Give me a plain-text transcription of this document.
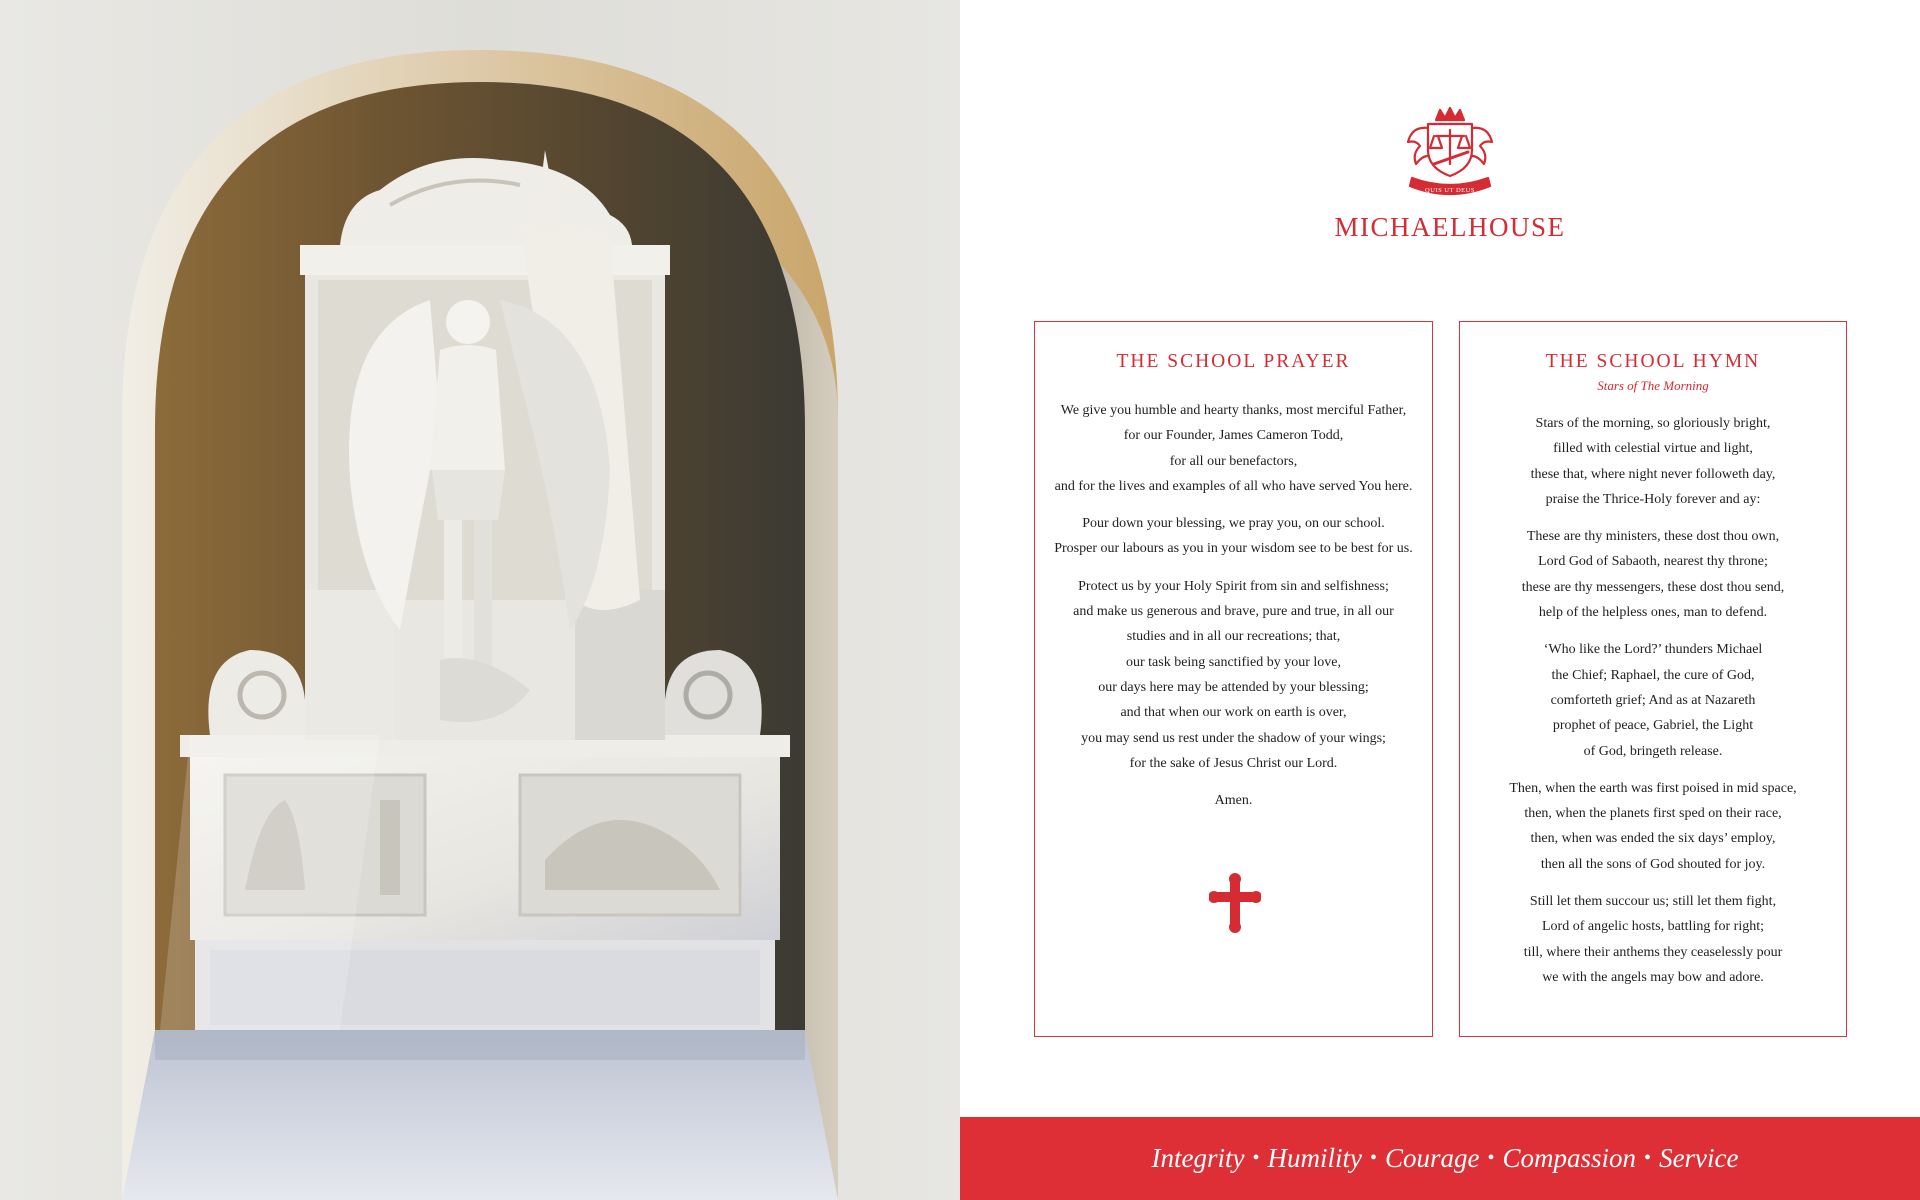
QUIS UT DEUS
MICHAELHOUSE
THE SCHOOL PRAYER
We give you humble and hearty thanks, most merciful Father,
for our Founder, James Cameron Todd,
for all our benefactors,
and for the lives and examples of all who have served You here.
Pour down your blessing, we pray you, on our school.
Prosper our labours as you in your wisdom see to be best for us.
Protect us by your Holy Spirit from sin and selfishness;
and make us generous and brave, pure and true, in all our
studies and in all our recreations; that,
our task being sanctified by your love,
our days here may be attended by your blessing;
and that when our work on earth is over,
you may send us rest under the shadow of your wings;
for the sake of Jesus Christ our Lord.
Amen.
THE SCHOOL HYMN
Stars of The Morning
Stars of the morning, so gloriously bright,
filled with celestial virtue and light,
these that, where night never followeth day,
praise the Thrice-Holy forever and ay:
These are thy ministers, these dost thou own,
Lord God of Sabaoth, nearest thy throne;
these are thy messengers, these dost thou send,
help of the helpless ones, man to defend.
‘Who like the Lord?’ thunders Michael
the Chief; Raphael, the cure of God,
comforteth grief; And as at Nazareth
prophet of peace, Gabriel, the Light
of God, bringeth release.
Then, when the earth was first poised in mid space,
then, when the planets first sped on their race,
then, when was ended the six days’ employ,
then all the sons of God shouted for joy.
Still let them succour us; still let them fight,
Lord of angelic hosts, battling for right;
till, where their anthems they ceaselessly pour
we with the angels may bow and adore.
Integrity • Humility • Courage • Compassion • Service
